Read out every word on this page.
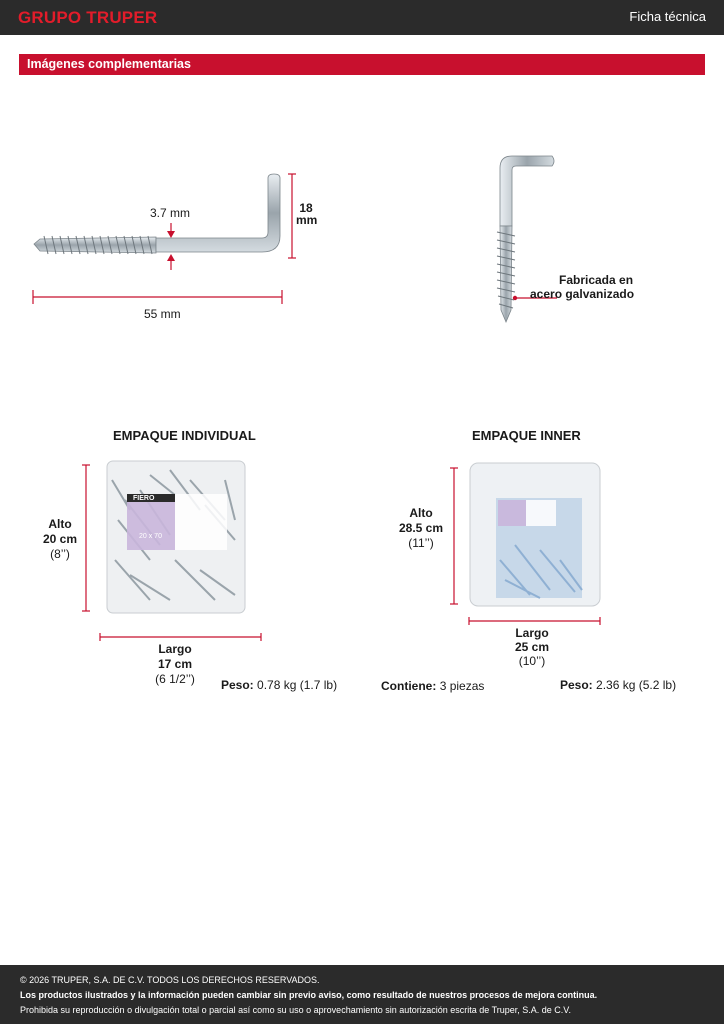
GRUPO TRUPER	Ficha técnica
Imágenes complementarias
3.7 mm	18
mm
55 mm
Fabricada en
acero galvanizado
EMPAQUE INDIVIDUAL
FIERO
20 x 70
Alto
20 cm
(8’’)
Largo
17 cm
(6 1/2’’)	Peso: 0.78 kg (1.7 lb)
EMPAQUE INNER
Alto
28.5 cm
(11’’)
Largo
25 cm
(10’’)
Contiene: 3 piezas	Peso: 2.36 kg (5.2 lb)
© 2026 TRUPER, S.A. DE C.V. TODOS LOS DERECHOS RESERVADOS.
Los productos ilustrados y la información pueden cambiar sin previo aviso, como resultado de nuestros procesos de mejora continua.
Prohibida su reproducción o divulgación total o parcial así como su uso o aprovechamiento sin autorización escrita de Truper, S.A. de C.V.
